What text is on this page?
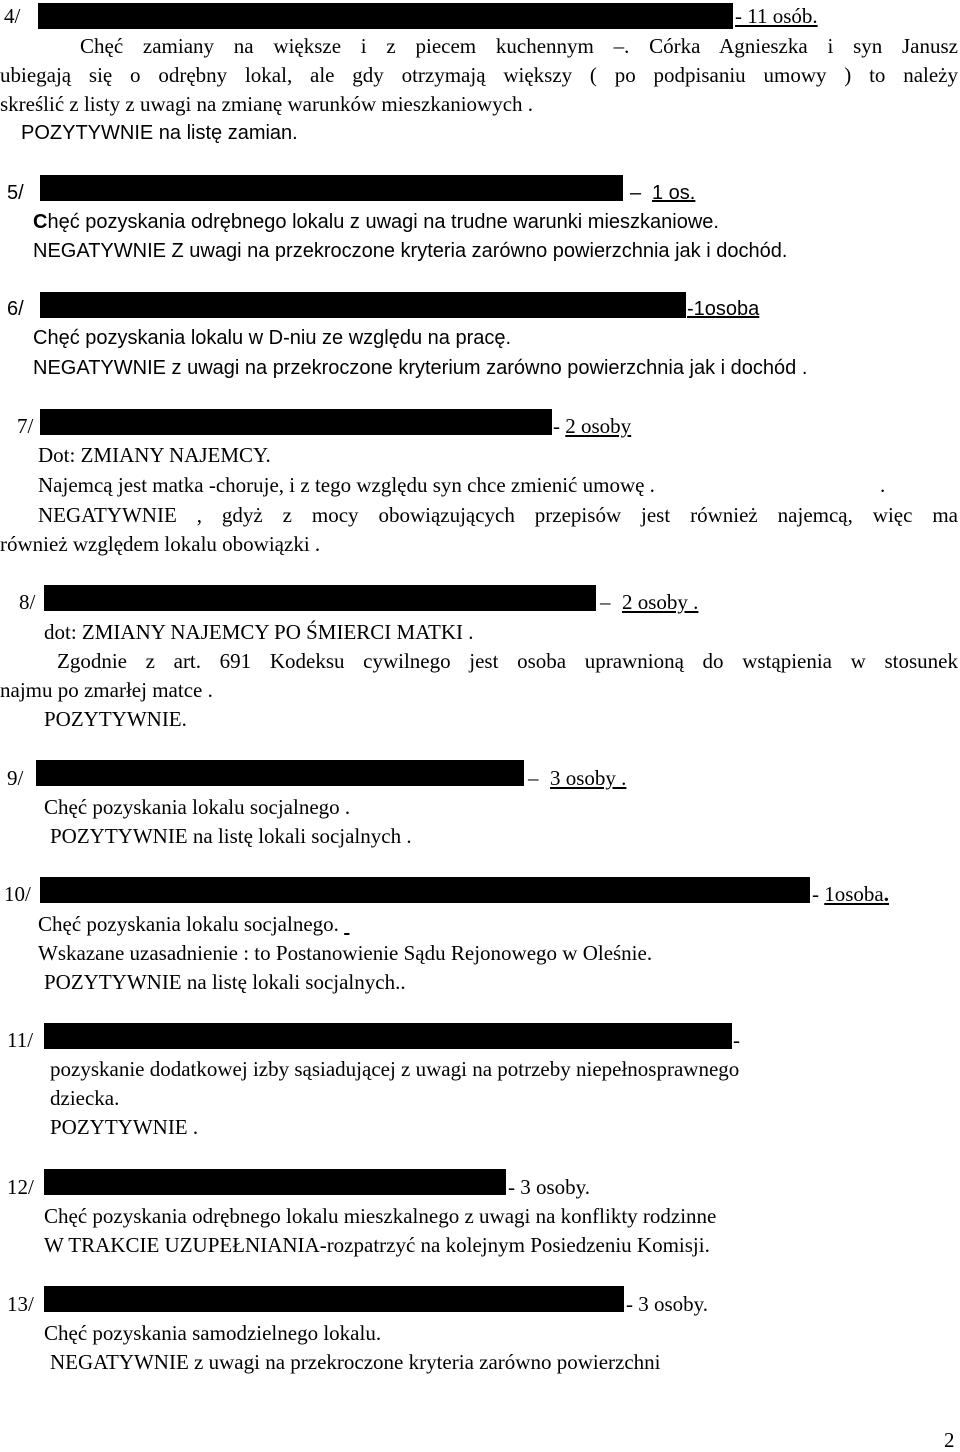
4/	- 11 osób.
Chęć zamiany na większe i z piecem kuchennym –. Córka Agnieszka i syn Janusz
ubiegają się o odrębny lokal, ale gdy otrzymają większy ( po podpisaniu umowy ) to należy
skreślić z listy z uwagi na zmianę warunków mieszkaniowych .
POZYTYWNIE na listę zamian.
5/	– 1 os.
Chęć pozyskania odrębnego lokalu z uwagi na trudne warunki mieszkaniowe.
NEGATYWNIE Z uwagi na przekroczone kryteria zarówno powierzchnia jak i dochód.
6/	-1osoba
Chęć pozyskania lokalu w D-niu ze względu na pracę.
NEGATYWNIE z uwagi na przekroczone kryterium zarówno powierzchnia jak i dochód .
7/	- 2 osoby
Dot: ZMIANY NAJEMCY.
Najemcą jest matka -choruje, i z tego względu syn chce zmienić umowę .	.
NEGATYWNIE , gdyż z mocy obowiązujących przepisów jest również najemcą, więc ma
również względem lokalu obowiązki .
8/	– 2 osoby .
dot: ZMIANY NAJEMCY PO ŚMIERCI MATKI .
Zgodnie z art. 691 Kodeksu cywilnego jest osoba uprawnioną do wstąpienia w stosunek
najmu po zmarłej matce .
POZYTYWNIE.
9/	– 3 osoby .
Chęć pozyskania lokalu socjalnego .
POZYTYWNIE na listę lokali socjalnych .
10/	- 1osoba.
Chęć pozyskania lokalu socjalnego.
Wskazane uzasadnienie : to Postanowienie Sądu Rejonowego w Oleśnie.
POZYTYWNIE na listę lokali socjalnych..
11/	-
pozyskanie dodatkowej izby sąsiadującej z uwagi na potrzeby niepełnosprawnego
dziecka.
POZYTYWNIE .
12/	- 3 osoby.
Chęć pozyskania odrębnego lokalu mieszkalnego z uwagi na konflikty rodzinne
W TRAKCIE UZUPEŁNIANIA-rozpatrzyć na kolejnym Posiedzeniu Komisji.
13/	- 3 osoby.
Chęć pozyskania samodzielnego lokalu.
NEGATYWNIE z uwagi na przekroczone kryteria zarówno powierzchni
2
